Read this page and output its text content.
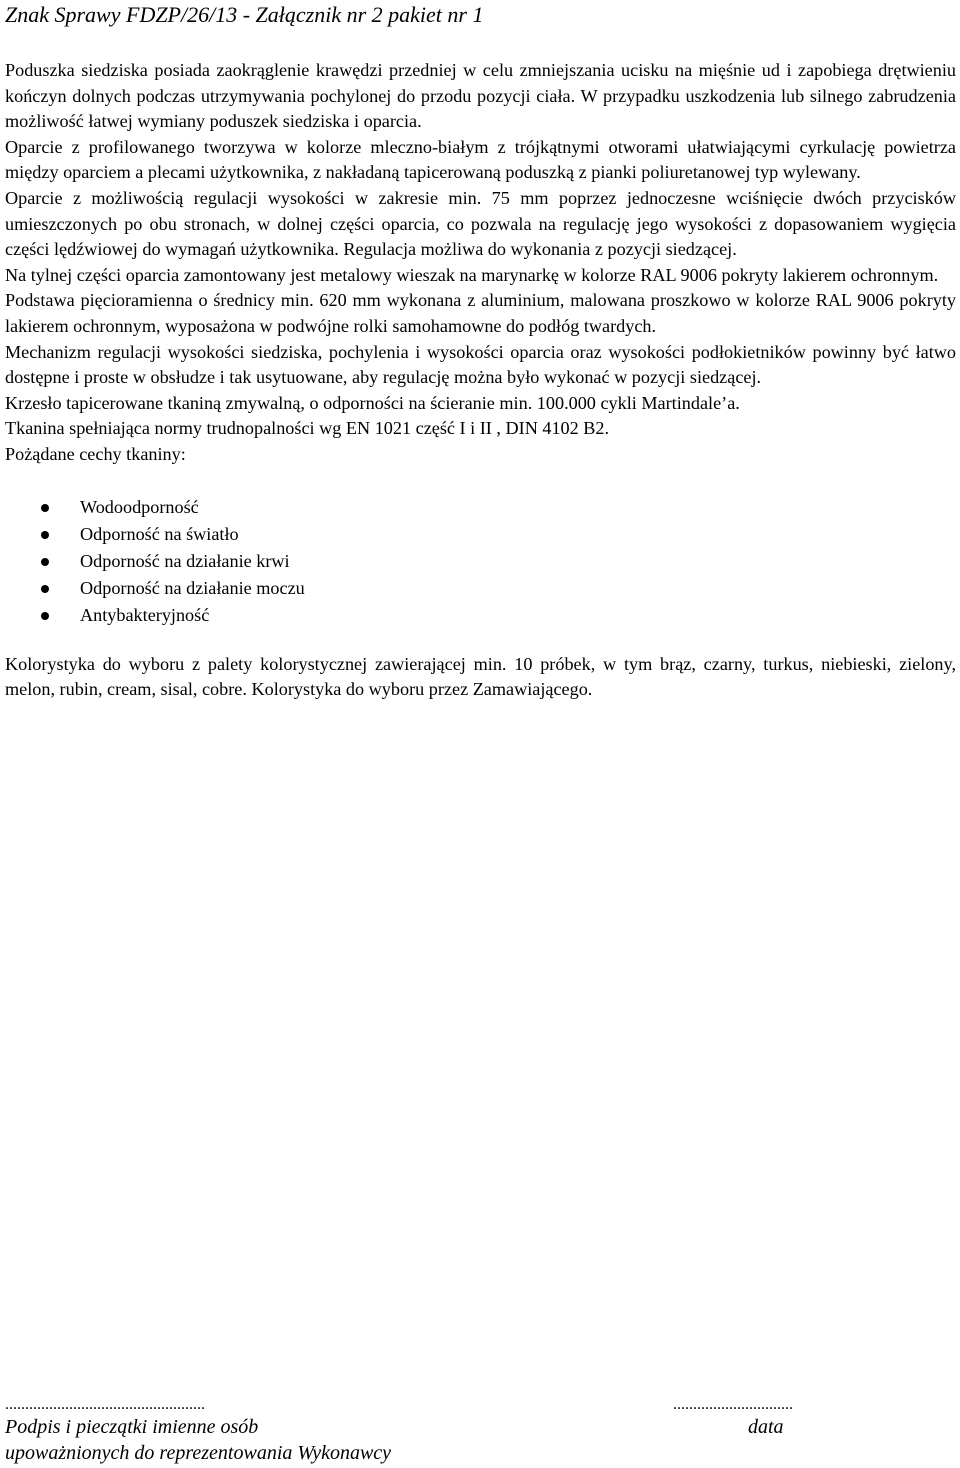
Znak Sprawy FDZP/26/13 - Załącznik nr 2 pakiet nr 1

Poduszka siedziska posiada zaokrąglenie krawędzi przedniej w celu zmniejszania ucisku na mięśnie ud i zapobiega drętwieniu kończyn dolnych podczas utrzymywania pochylonej do przodu pozycji ciała. W przypadku uszkodzenia lub silnego zabrudzenia możliwość łatwej wymiany poduszek siedziska i oparcia.

Oparcie z profilowanego tworzywa w kolorze mleczno-białym z trójkątnymi otworami ułatwiającymi cyrkulację powietrza między oparciem a plecami użytkownika, z nakładaną tapicerowaną poduszką z pianki poliuretanowej typ wylewany.

Oparcie z możliwością regulacji wysokości w zakresie min. 75 mm poprzez jednoczesne wciśnięcie dwóch przycisków umieszczonych po obu stronach, w dolnej części oparcia, co pozwala na regulację jego wysokości z dopasowaniem wygięcia części lędźwiowej do wymagań użytkownika. Regulacja możliwa do wykonania z pozycji siedzącej.

Na tylnej części oparcia zamontowany jest metalowy wieszak na marynarkę w kolorze RAL 9006 pokryty lakierem ochronnym.

Podstawa pięcioramienna o średnicy min. 620 mm wykonana z aluminium, malowana proszkowo w kolorze RAL 9006 pokryty lakierem ochronnym, wyposażona w podwójne rolki samohamowne do podłóg twardych.

Mechanizm regulacji wysokości siedziska, pochylenia i wysokości oparcia oraz wysokości podłokietników powinny być łatwo dostępne i proste w obsłudze i tak usytuowane, aby regulację można było wykonać w pozycji siedzącej.

Krzesło tapicerowane tkaniną zmywalną, o odporności na ścieranie min. 100.000 cykli Martindale’a.

Tkanina spełniająca normy trudnopalności wg EN 1021 część I i II , DIN 4102 B2.

Pożądane cechy tkaniny:

Wodoodporność
Odporność na światło
Odporność na działanie krwi
Odporność na działanie moczu
Antybakteryjność

Kolorystyka do wyboru z palety kolorystycznej zawierającej min. 10 próbek, w tym brąz, czarny, turkus, niebieski, zielony, melon, rubin, cream, sisal, cobre. Kolorystyka do wyboru przez Zamawiającego.

..................................................	..............................
Podpis i pieczątki imienne osób
upoważnionych do reprezentowania Wykonawcy
data
